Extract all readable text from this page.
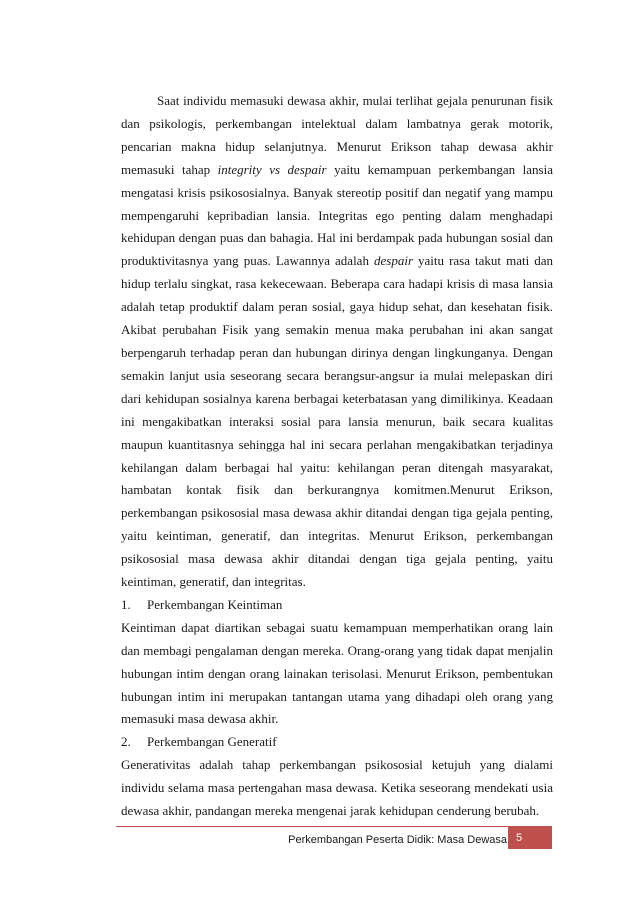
Saat individu memasuki dewasa akhir, mulai terlihat gejala penurunan fisik dan psikologis, perkembangan intelektual dalam lambatnya gerak motorik, pencarian makna hidup selanjutnya. Menurut Erikson tahap dewasa akhir memasuki tahap integrity vs despair yaitu kemampuan perkembangan lansia mengatasi krisis psikososialnya. Banyak stereotip positif dan negatif yang mampu mempengaruhi kepribadian lansia. Integritas ego penting dalam menghadapi kehidupan dengan puas dan bahagia. Hal ini berdampak pada hubungan sosial dan produktivitasnya yang puas. Lawannya adalah despair yaitu rasa takut mati dan hidup terlalu singkat, rasa kekecewaan. Beberapa cara hadapi krisis di masa lansia adalah tetap produktif dalam peran sosial, gaya hidup sehat, dan kesehatan fisik. Akibat perubahan Fisik yang semakin menua maka perubahan ini akan sangat berpengaruh terhadap peran dan hubungan dirinya dengan lingkunganya. Dengan semakin lanjut usia seseorang secara berangsur-angsur ia mulai melepaskan diri dari kehidupan sosialnya karena berbagai keterbatasan yang dimilikinya. Keadaan ini mengakibatkan interaksi sosial para lansia menurun, baik secara kualitas maupun kuantitasnya sehingga hal ini secara perlahan mengakibatkan terjadinya kehilangan dalam berbagai hal yaitu: kehilangan peran ditengah masyarakat, hambatan kontak fisik dan berkurangnya komitmen.Menurut Erikson, perkembangan psikososial masa dewasa akhir ditandai dengan tiga gejala penting, yaitu keintiman, generatif, dan integritas. Menurut Erikson, perkembangan psikososial masa dewasa akhir ditandai dengan tiga gejala penting, yaitu keintiman, generatif, dan integritas.

1.	Perkembangan Keintiman

Keintiman dapat diartikan sebagai suatu kemampuan memperhatikan orang lain dan membagi pengalaman dengan mereka. Orang-orang yang tidak dapat menjalin hubungan intim dengan orang lainakan terisolasi. Menurut Erikson, pembentukan hubungan intim ini merupakan tantangan utama yang dihadapi oleh orang yang memasuki masa dewasa akhir.

2.	Perkembangan Generatif

Generativitas adalah tahap perkembangan psikososial ketujuh yang dialami individu selama masa pertengahan masa dewasa. Ketika seseorang mendekati usia dewasa akhir, pandangan mereka mengenai jarak kehidupan cenderung berubah.

Perkembangan Peserta Didik: Masa Dewasa 5
